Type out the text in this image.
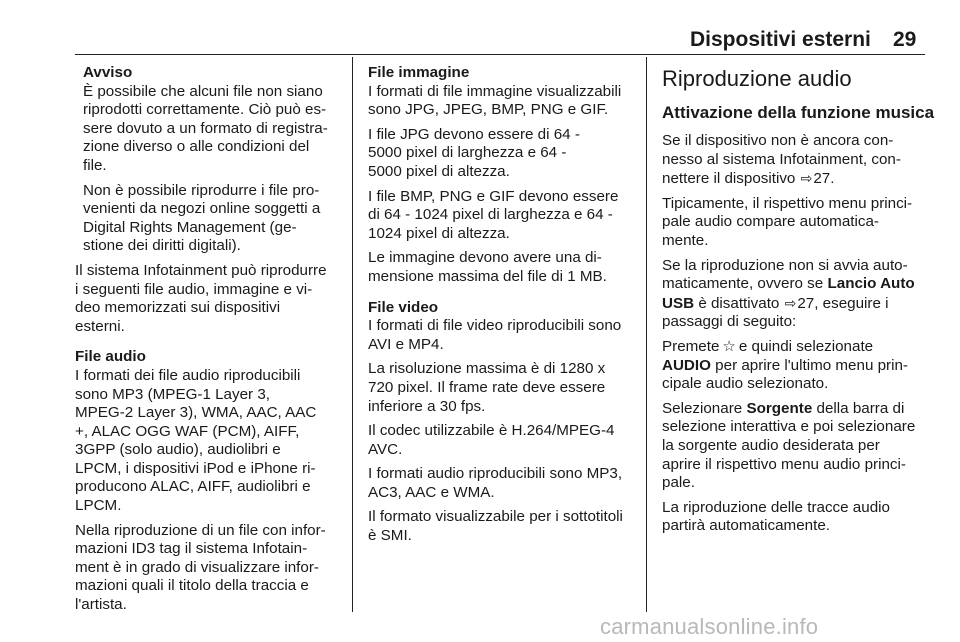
Dispositivi esterni 29

Avviso

È possibile che alcuni file non siano
riprodotti correttamente. Ciò può es-
sere dovuto a un formato di registra-
zione diverso o alle condizioni del
file.

Non è possibile riprodurre i file pro-
venienti da negozi online soggetti a
Digital Rights Management (ge-
stione dei diritti digitali).

Il sistema Infotainment può riprodurre
i seguenti file audio, immagine e vi-
deo memorizzati sui dispositivi
esterni.

File audio

I formati dei file audio riproducibili
sono MP3 (MPEG-1 Layer 3,
MPEG-2 Layer 3), WMA, AAC, AAC
+, ALAC OGG WAF (PCM), AIFF,
3GPP (solo audio), audiolibri e
LPCM, i dispositivi iPod e iPhone ri-
producono ALAC, AIFF, audiolibri e
LPCM.

Nella riproduzione di un file con infor-
mazioni ID3 tag il sistema Infotain-
ment è in grado di visualizzare infor-
mazioni quali il titolo della traccia e
l'artista.

File immagine

I formati di file immagine visualizzabili
sono JPG, JPEG, BMP, PNG e GIF.

I file JPG devono essere di 64 -
5000 pixel di larghezza e 64 -
5000 pixel di altezza.

I file BMP, PNG e GIF devono essere
di 64 - 1024 pixel di larghezza e 64 -
1024 pixel di altezza.

Le immagine devono avere una di-
mensione massima del file di 1 MB.

File video

I formati di file video riproducibili sono
AVI e MP4.

La risoluzione massima è di 1280 x
720 pixel. Il frame rate deve essere
inferiore a 30 fps.

Il codec utilizzabile è H.264/MPEG-4
AVC.

I formati audio riproducibili sono MP3,
AC3, AAC e WMA.

Il formato visualizzabile per i sottotitoli
è SMI.

Riproduzione audio
Attivazione della funzione musica

Se il dispositivo non è ancora con-
nesso al sistema Infotainment, con-
nettere il dispositivo ⇨27.

Tipicamente, il rispettivo menu princi-
pale audio compare automatica-
mente.

Se la riproduzione non si avvia auto-
maticamente, ovvero se Lancio Auto
USB è disattivato ⇨27, eseguire i
passaggi di seguito:

Premete ☆ e quindi selezionate
AUDIO per aprire l'ultimo menu prin-
cipale audio selezionato.

Selezionare Sorgente della barra di
selezione interattiva e poi selezionare
la sorgente audio desiderata per
aprire il rispettivo menu audio princi-
pale.

La riproduzione delle tracce audio
partirà automaticamente.

carmanualsonline.info
